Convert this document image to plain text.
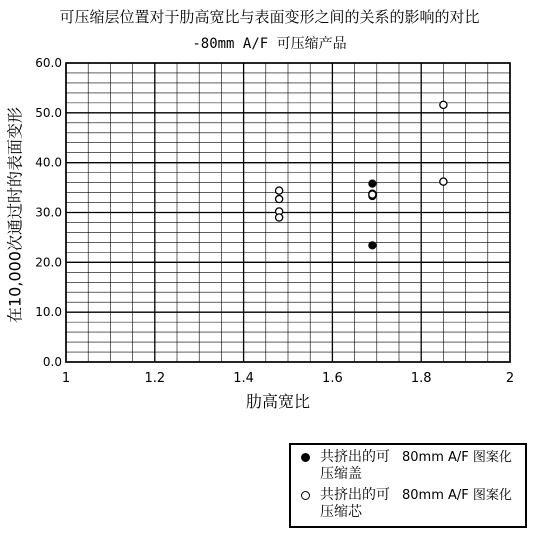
可压缩层位置对于肋高宽比与表面变形之间的关系的影响的对比
-80mm A/F 可压缩产品
1	1.2	1.4	1.6	1.8	2
0.0
10.0
20.0
30.0
40.0
50.0
60.0
肋高宽比
在10,000次通过时的表面变形
共挤出的可压缩盖
80mm A/F 图案化
共挤出的可压缩芯
80mm A/F 图案化
